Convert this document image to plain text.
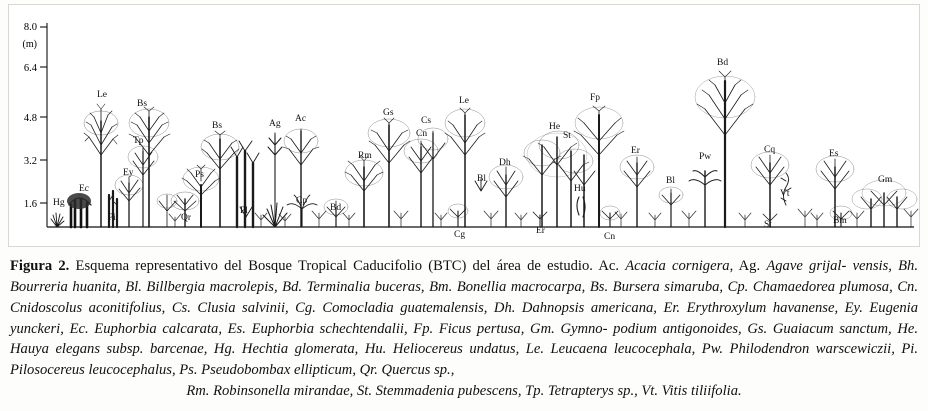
8.0
6.4
4.8
3.2
1.6
(m)
Hg
Ec
Le
Pi
Ey
Tp
Bs
Qr
Ps
Bs
Pl
Ac
Ag
Cp
Bd
Rm
Gs
Cs
Cn
Le
Bl
Cg
Dh
He
St
Hu
Er
Cn
Fp
Er
Bl
Pw
Bd
Cq
Vt
St
Es
Bm
Gm
Figura 2. Esquema representativo del Bosque Tropical Caducifolio (BTC) del área de estudio. Ac. Acacia cornigera, Ag. Agave grijal- vensis, Bh. Bourreria huanita, Bl. Billbergia macrolepis, Bd. Terminalia buceras, Bm. Bonellia macrocarpa, Bs. Bursera simaruba, Cp. Chamaedorea plumosa, Cn. Cnidoscolus aconitifolius, Cs. Clusia salvinii, Cg. Comocladia guatemalensis, Dh. Dahnopsis americana, Er. Erythroxylum havanense, Ey. Eugenia yunckeri, Ec. Euphorbia calcarata, Es. Euphorbia schechtendalii, Fp. Ficus pertusa, Gm. Gymno- podium antigonoides, Gs. Guaiacum sanctum, He. Hauya elegans subsp. barcenae, Hg. Hechtia glomerata, Hu. Heliocereus undatus, Le. Leucaena leucocephala, Pw. Philodendron warscewiczii, Pi. Pilosocereus leucocephalus, Ps. Pseudobombax ellipticum, Qr. Quercus sp.,
Rm. Robinsonella mirandae, St. Stemmadenia pubescens, Tp. Tetrapterys sp., Vt. Vitis tiliifolia.
